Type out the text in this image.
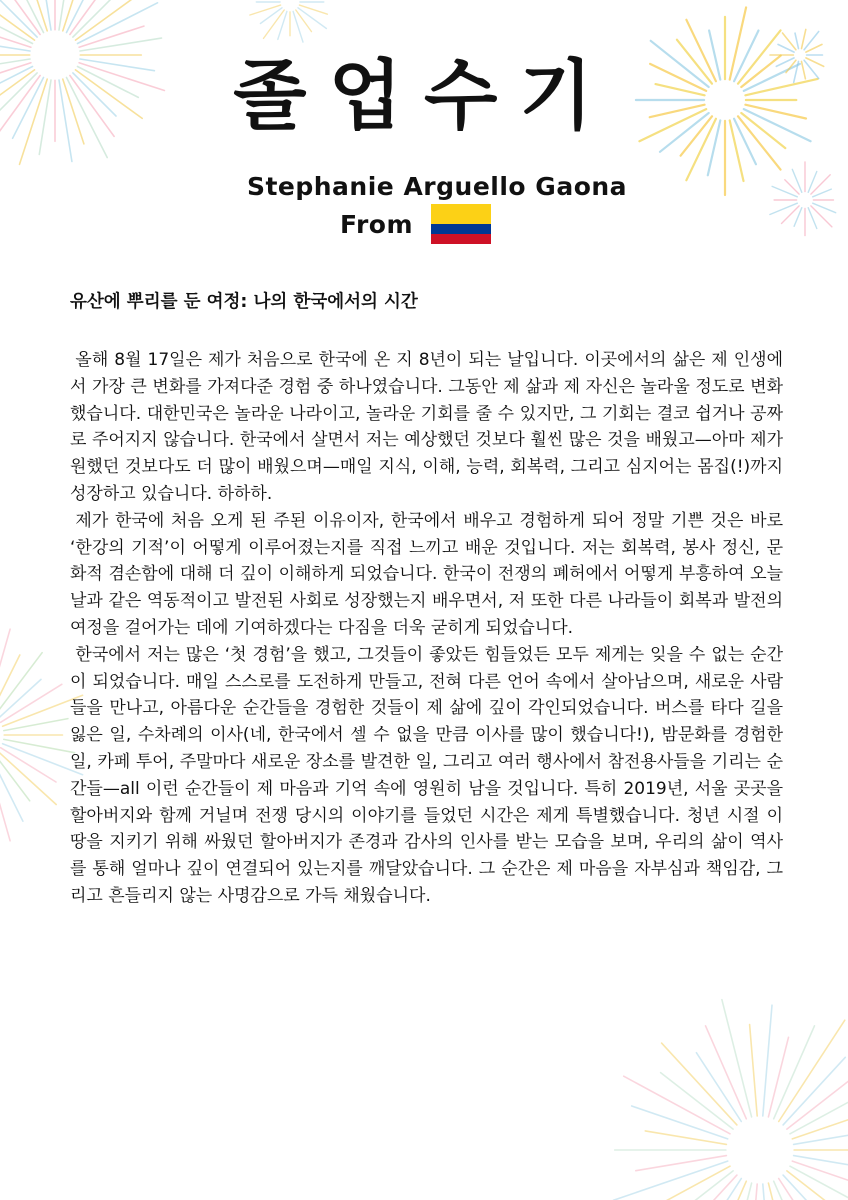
졸업수기
Stephanie Arguello Gaona
From
유산에 뿌리를 둔 여정: 나의 한국에서의 시간

올해 8월 17일은 제가 처음으로 한국에 온 지 8년이 되는 날입니다. 이곳에서의 삶은 제 인생에서 가장 큰 변화를 가져다준 경험 중 하나였습니다. 그동안 제 삶과 제 자신은 놀라울 정도로 변화했습니다. 대한민국은 놀라운 나라이고, 놀라운 기회를 줄 수 있지만, 그 기회는 결코 쉽거나 공짜로 주어지지 않습니다. 한국에서 살면서 저는 예상했던 것보다 훨씬 많은 것을 배웠고—아마 제가 원했던 것보다도 더 많이 배웠으며—매일 지식, 이해, 능력, 회복력, 그리고 심지어는 몸집(!)까지 성장하고 있습니다. 하하하.

제가 한국에 처음 오게 된 주된 이유이자, 한국에서 배우고 경험하게 되어 정말 기쁜 것은 바로 ‘한강의 기적’이 어떻게 이루어졌는지를 직접 느끼고 배운 것입니다. 저는 회복력, 봉사 정신, 문화적 겸손함에 대해 더 깊이 이해하게 되었습니다. 한국이 전쟁의 폐허에서 어떻게 부흥하여 오늘날과 같은 역동적이고 발전된 사회로 성장했는지 배우면서, 저 또한 다른 나라들이 회복과 발전의 여정을 걸어가는 데에 기여하겠다는 다짐을 더욱 굳히게 되었습니다.

한국에서 저는 많은 ‘첫 경험’을 했고, 그것들이 좋았든 힘들었든 모두 제게는 잊을 수 없는 순간이 되었습니다. 매일 스스로를 도전하게 만들고, 전혀 다른 언어 속에서 살아남으며, 새로운 사람들을 만나고, 아름다운 순간들을 경험한 것들이 제 삶에 깊이 각인되었습니다. 버스를 타다 길을 잃은 일, 수차례의 이사(네, 한국에서 셀 수 없을 만큼 이사를 많이 했습니다!), 밤문화를 경험한 일, 카페 투어, 주말마다 새로운 장소를 발견한 일, 그리고 여러 행사에서 참전용사들을 기리는 순간들—all 이런 순간들이 제 마음과 기억 속에 영원히 남을 것입니다. 특히 2019년, 서울 곳곳을 할아버지와 함께 거닐며 전쟁 당시의 이야기를 들었던 시간은 제게 특별했습니다. 청년 시절 이 땅을 지키기 위해 싸웠던 할아버지가 존경과 감사의 인사를 받는 모습을 보며, 우리의 삶이 역사를 통해 얼마나 깊이 연결되어 있는지를 깨달았습니다. 그 순간은 제 마음을 자부심과 책임감, 그리고 흔들리지 않는 사명감으로 가득 채웠습니다.
